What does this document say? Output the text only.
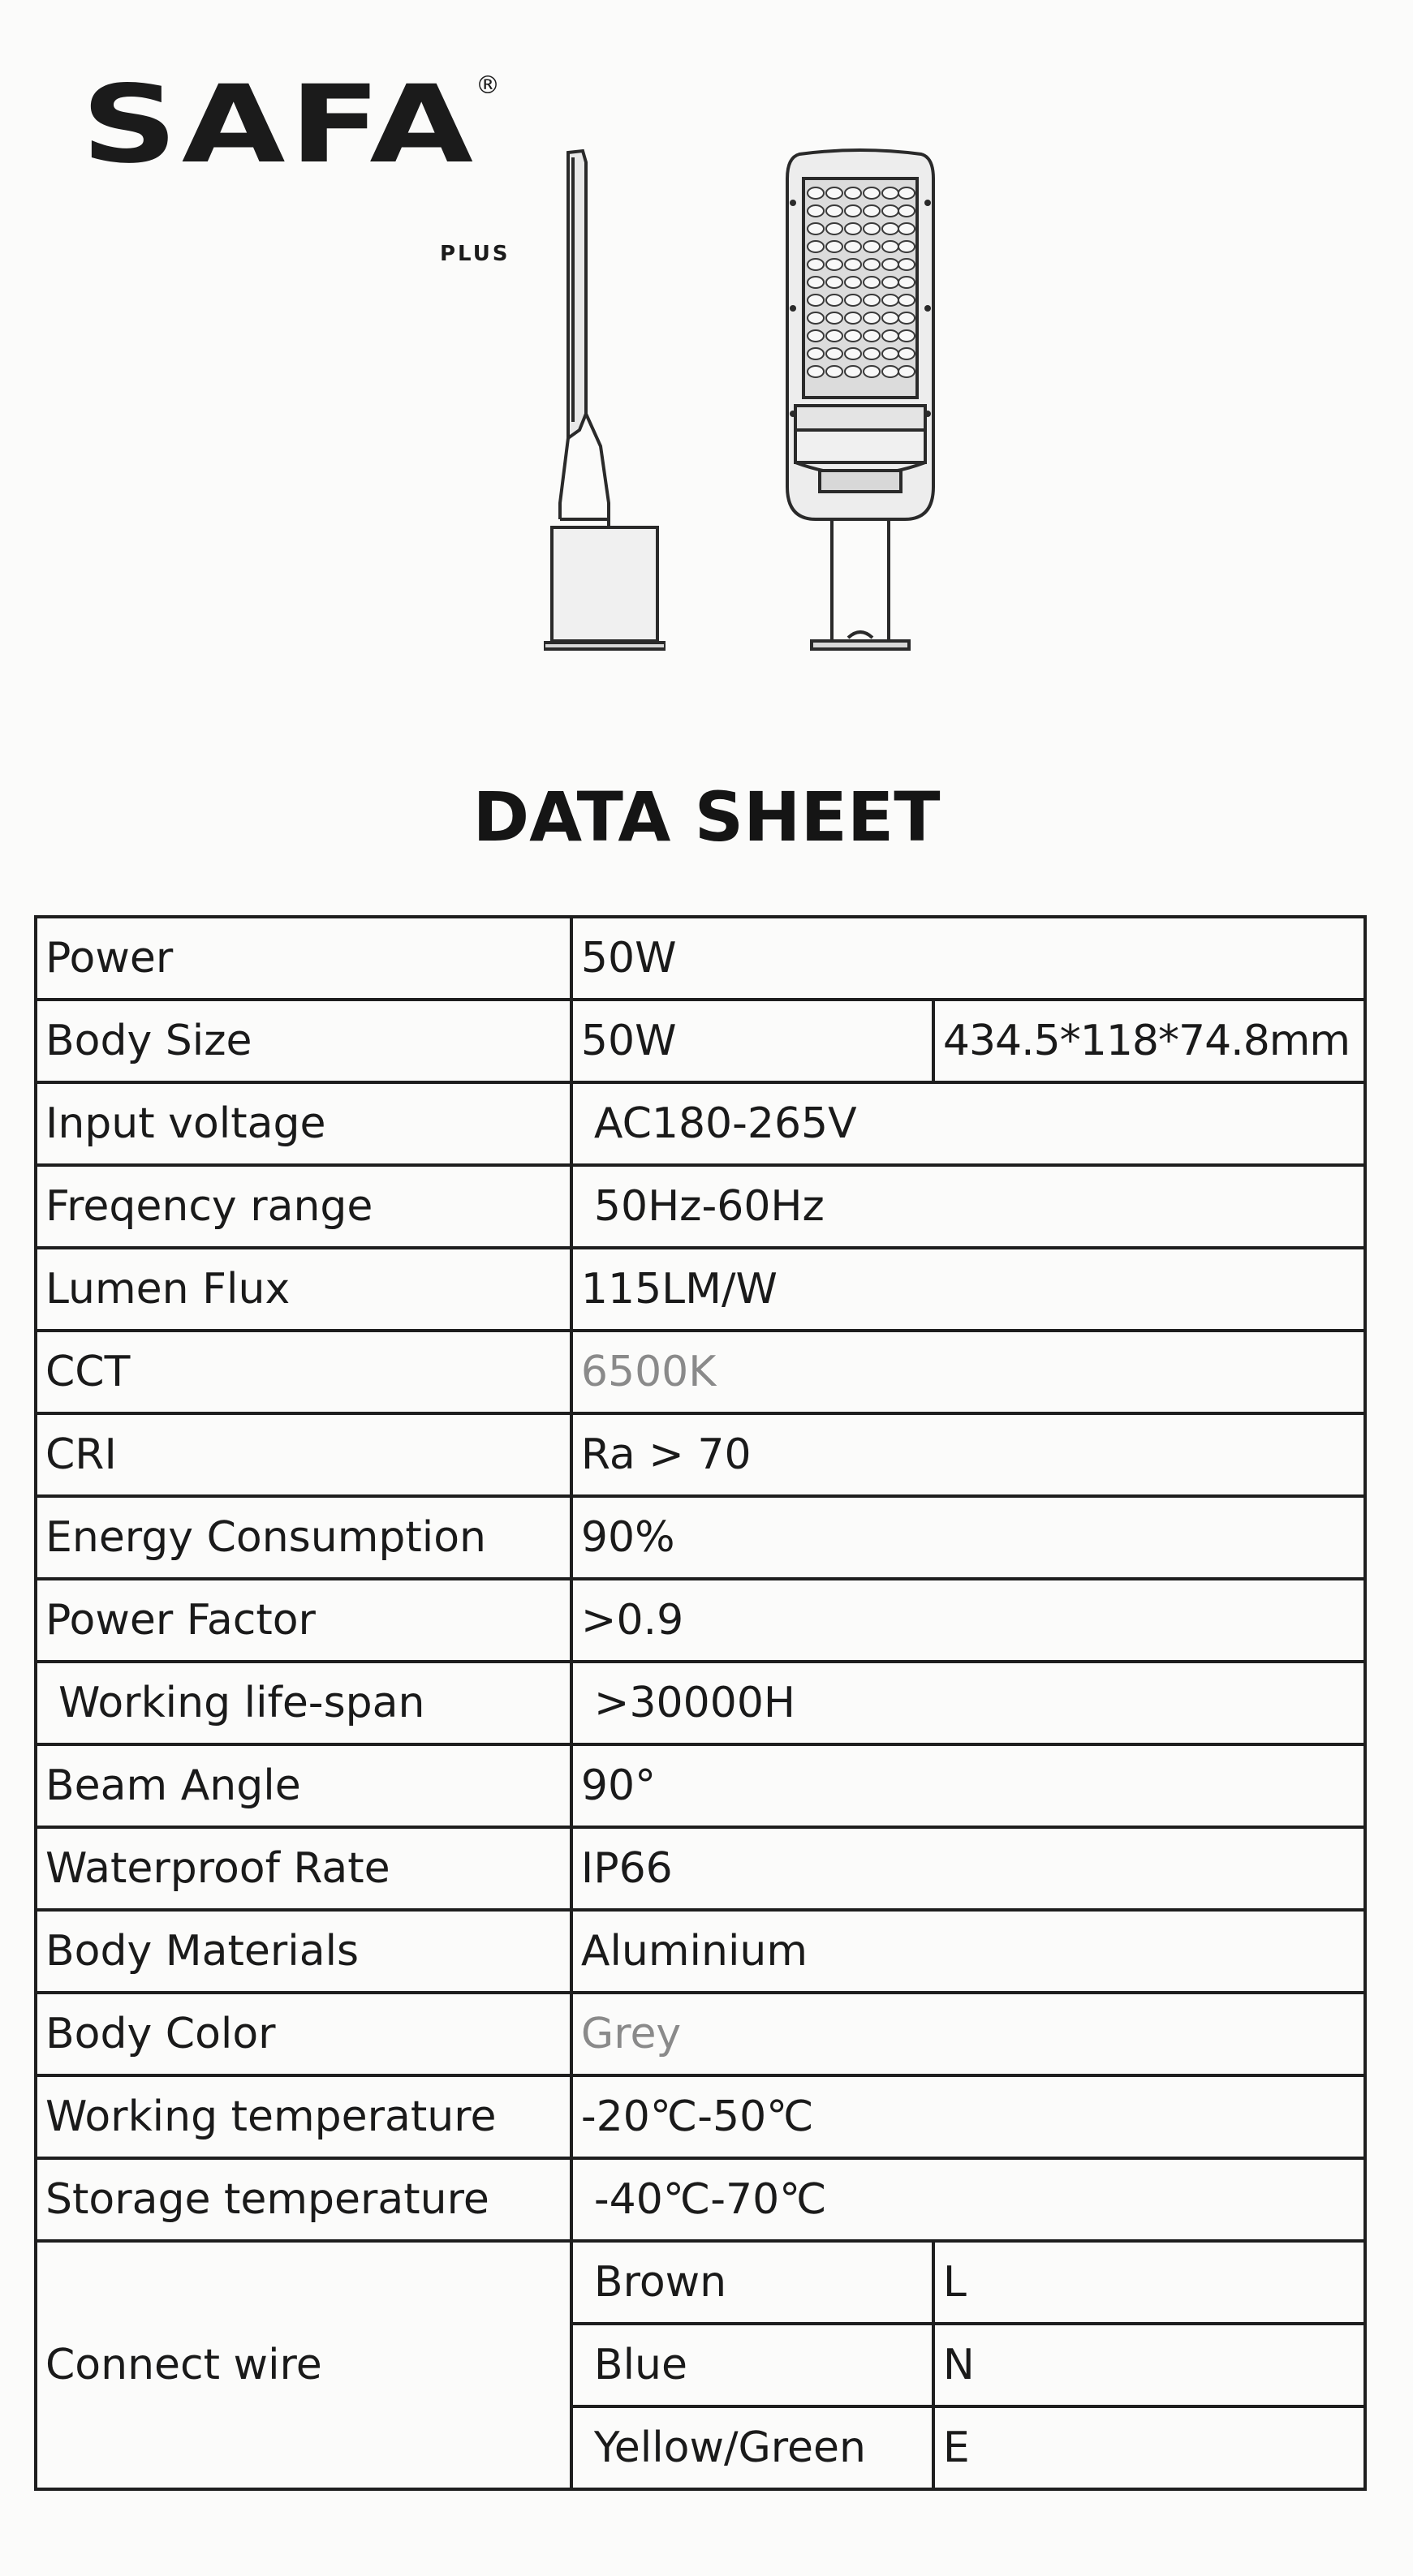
SAFA
®
PLUS
DATA SHEET
Power	50W	
Body Size	50W	434.5*118*74.8mm
Input voltage	AC180-265V	
Freqency range	50Hz-60Hz	
Lumen Flux	115LM/W	
CCT	6500K	
CRI	Ra > 70	
Energy Consumption	90%	
Power Factor	>0.9	
Working life-span	>30000H	
Beam Angle	90°	
Waterproof Rate	IP66	
Body Materials	Aluminium	
Body Color	Grey	
Working temperature	-20℃-50℃	
Storage temperature	-40℃-70℃	
Connect wire	Brown	L
	Blue	N
	Yellow/Green	E
